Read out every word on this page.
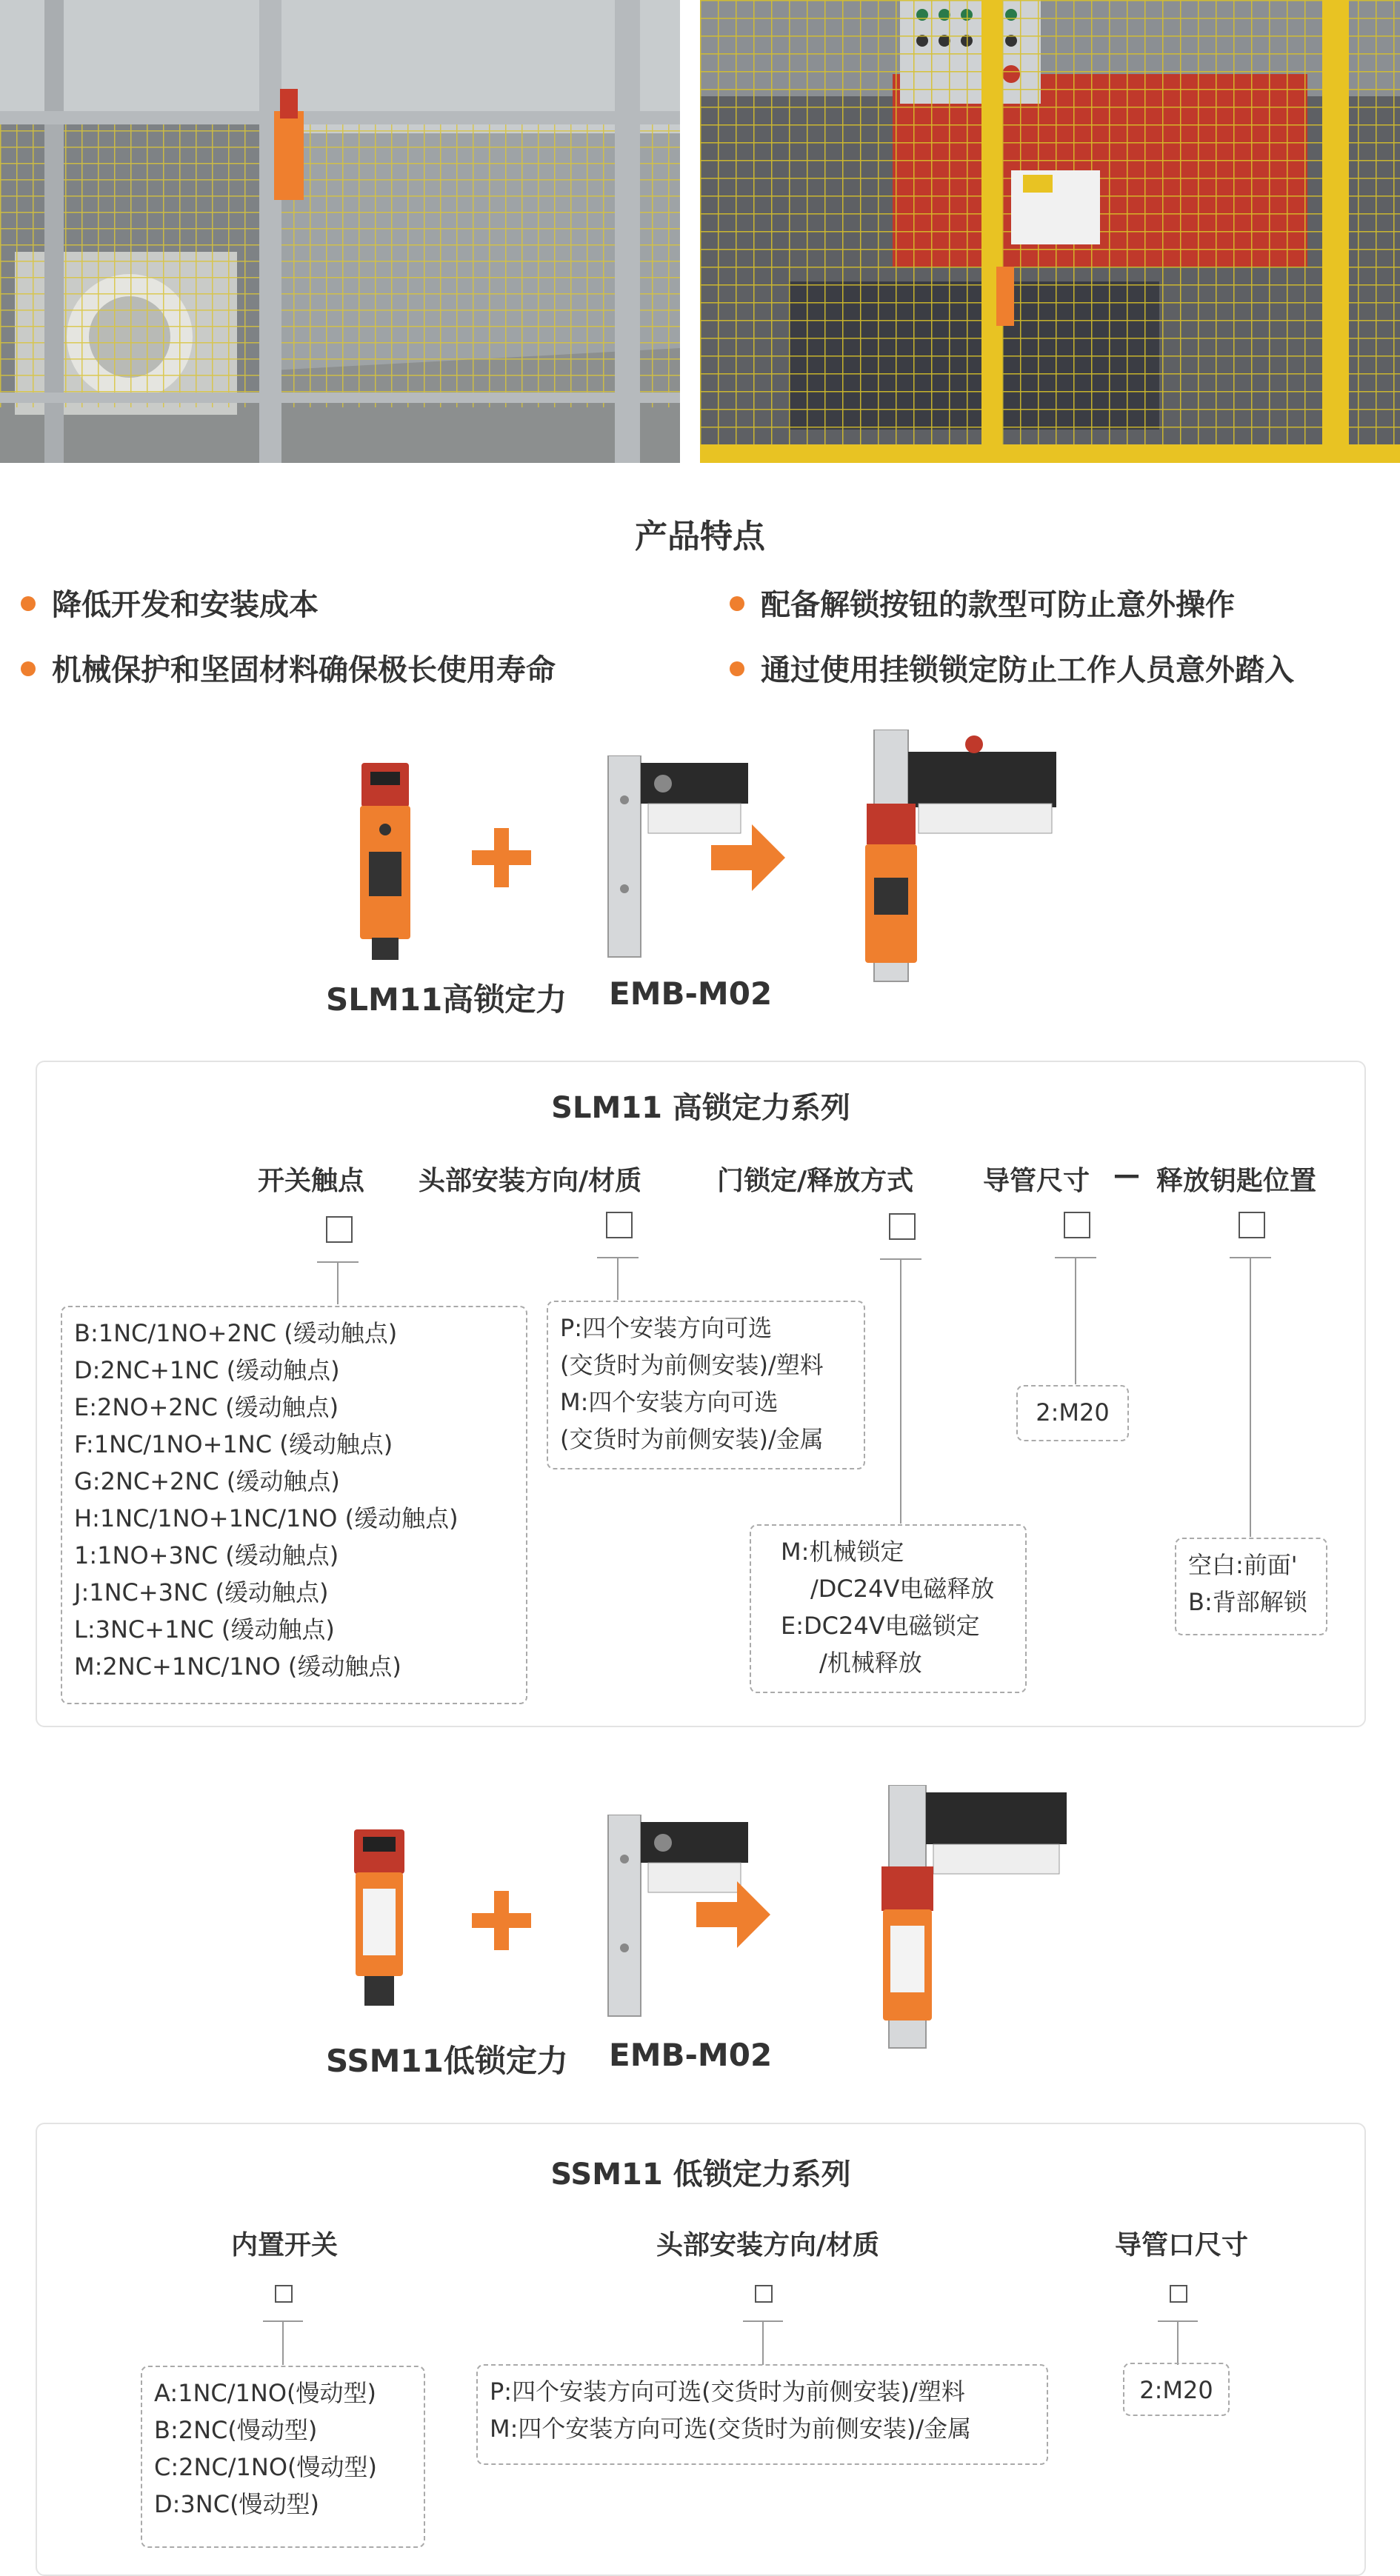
产品特点
降低开发和安装成本	配备解锁按钮的款型可防止意外操作
机械保护和坚固材料确保极长使用寿命	通过使用挂锁锁定防止工作人员意外踏入
SLM11高锁定力 EMB-M02
SLM11 高锁定力系列
开关触点 头部安装方向/材质	门锁定/释放方式	导管尺寸 — 释放钥匙位置
B:1NC/1NO+2NC (缓动触点)
D:2NC+1NC (缓动触点)
E:2NO+2NC (缓动触点)
F:1NC/1NO+1NC (缓动触点)
G:2NC+2NC (缓动触点)
H:1NC/1NO+1NC/1NO (缓动触点)
1:1NO+3NC (缓动触点)
J:1NC+3NC (缓动触点)
L:3NC+1NC (缓动触点)
M:2NC+1NC/1NO (缓动触点)
P:四个安装方向可选
(交货时为前侧安装)/塑料
M:四个安装方向可选
(交货时为前侧安装)/金属
2:M20
M:机械锁定
/DC24V电磁释放
E:DC24V电磁锁定
/机械释放
空白:前面'
B:背部解锁
SSM11低锁定力 EMB-M02
SSM11 低锁定力系列
内置开关	头部安装方向/材质	导管口尺寸
A:1NC/1NO(慢动型)
B:2NC(慢动型)
C:2NC/1NO(慢动型)
D:3NC(慢动型)
P:四个安装方向可选(交货时为前侧安装)/塑料
M:四个安装方向可选(交货时为前侧安装)/金属
2:M20
